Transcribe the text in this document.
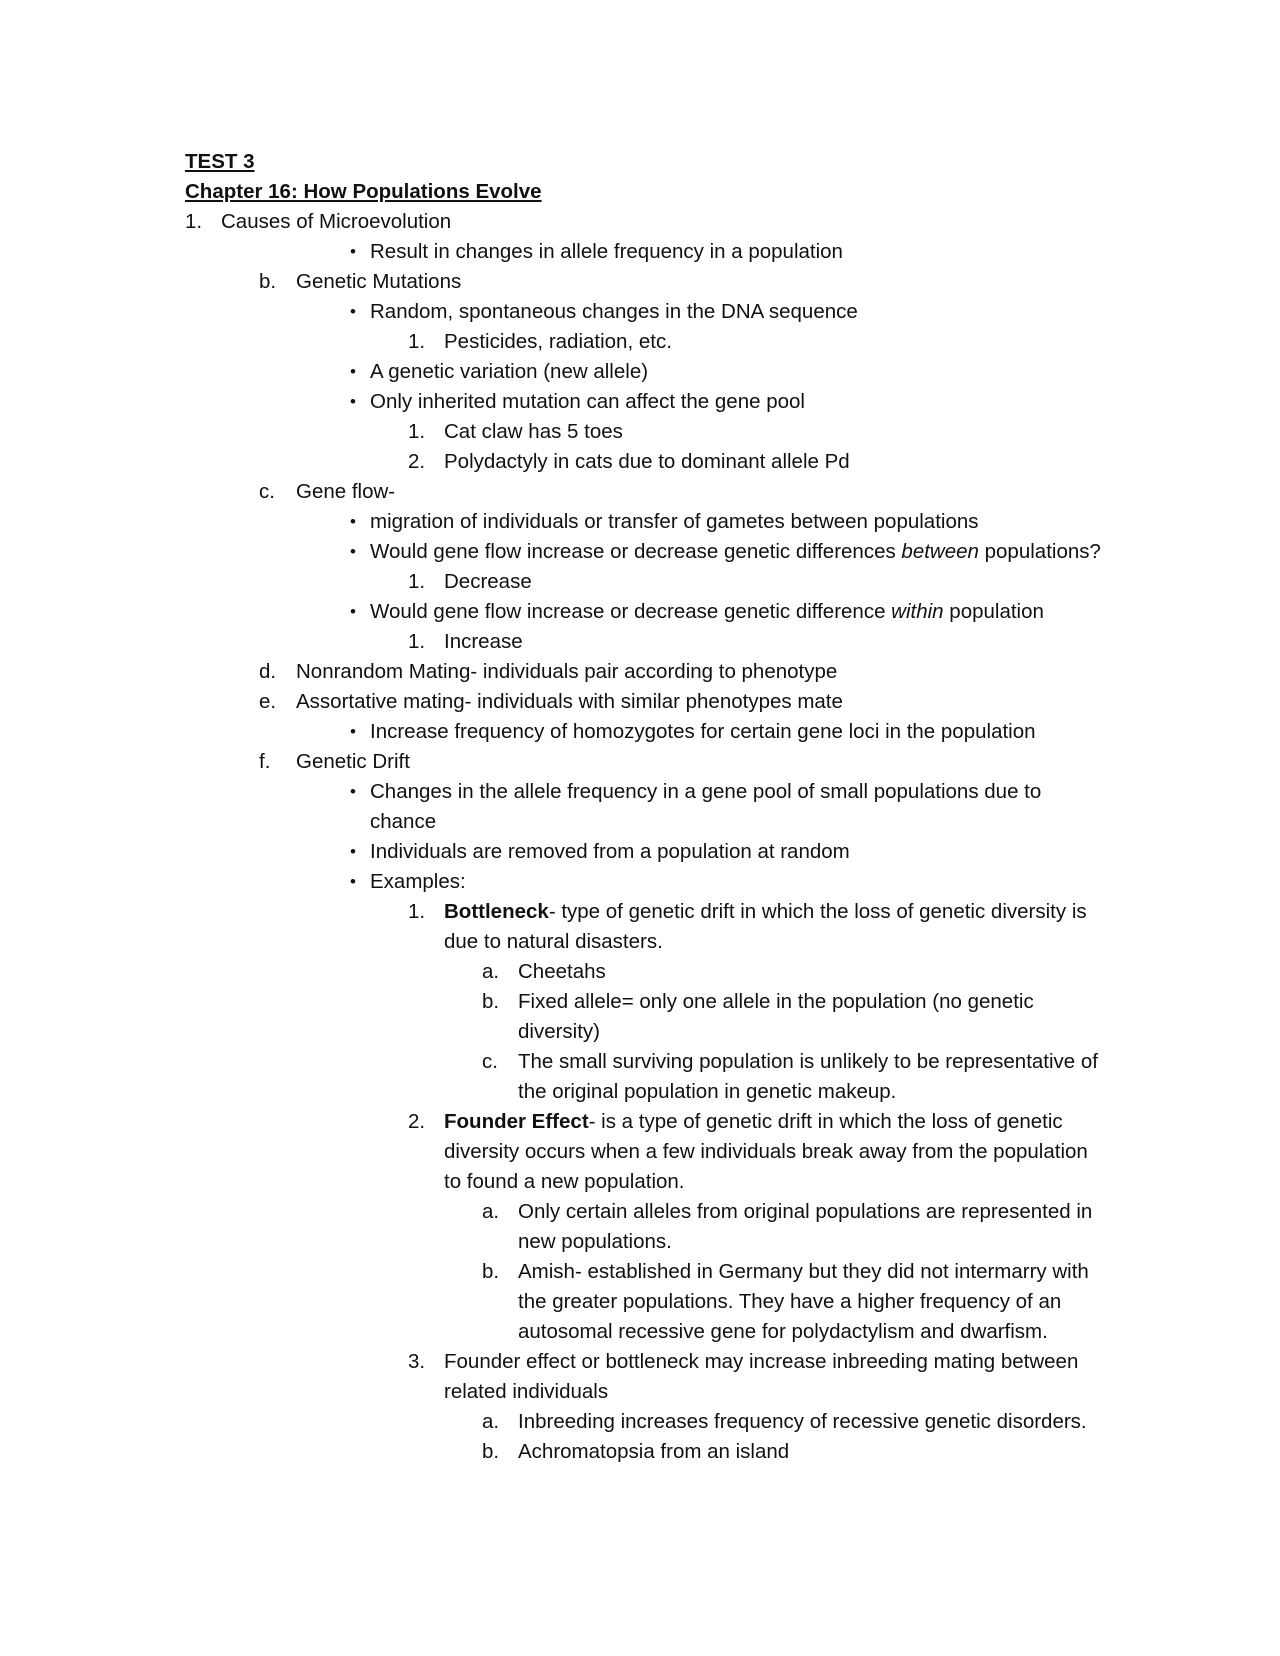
TEST 3
Chapter 16: How Populations Evolve
1. Causes of Microevolution
• Result in changes in allele frequency in a population
b. Genetic Mutations
• Random, spontaneous changes in the DNA sequence
1. Pesticides, radiation, etc.
• A genetic variation (new allele)
• Only inherited mutation can affect the gene pool
1. Cat claw has 5 toes
2. Polydactyly in cats due to dominant allele Pd
c. Gene flow-
• migration of individuals or transfer of gametes between populations
• Would gene flow increase or decrease genetic differences between populations?
1. Decrease
• Would gene flow increase or decrease genetic difference within population
1. Increase
d. Nonrandom Mating- individuals pair according to phenotype
e. Assortative mating- individuals with similar phenotypes mate
• Increase frequency of homozygotes for certain gene loci in the population
f. Genetic Drift
• Changes in the allele frequency in a gene pool of small populations due to
chance
• Individuals are removed from a population at random
• Examples:
1. Bottleneck- type of genetic drift in which the loss of genetic diversity is
due to natural disasters.
a. Cheetahs
b. Fixed allele= only one allele in the population (no genetic
diversity)
c. The small surviving population is unlikely to be representative of
the original population in genetic makeup.
2. Founder Effect- is a type of genetic drift in which the loss of genetic
diversity occurs when a few individuals break away from the population
to found a new population.
a. Only certain alleles from original populations are represented in
new populations.
b. Amish- established in Germany but they did not intermarry with
the greater populations. They have a higher frequency of an
autosomal recessive gene for polydactylism and dwarfism.
3. Founder effect or bottleneck may increase inbreeding mating between
related individuals
a. Inbreeding increases frequency of recessive genetic disorders.
b. Achromatopsia from an island
